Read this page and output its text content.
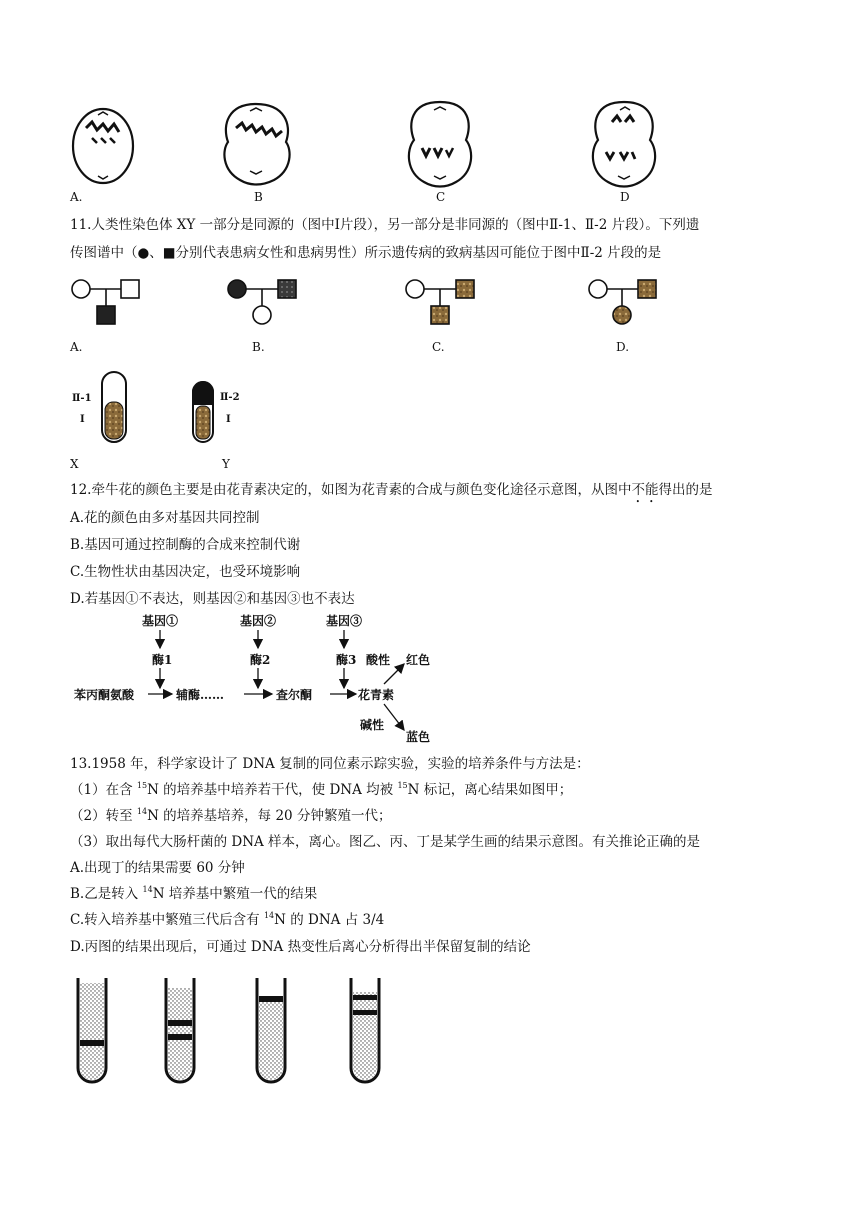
A.	B	C	D
11.人类性染色体 XY 一部分是同源的（图中Ⅰ片段），另一部分是非同源的（图中Ⅱ-1、Ⅱ-2 片段）。下列遗
传图谱中（●、■分别代表患病女性和患病男性）所示遗传病的致病基因可能位于图中Ⅱ-2 片段的是
A.	B.	C.	D.
Ⅱ-1
Ⅰ
Ⅱ-2
Ⅰ
X	Y
12.牵牛花的颜色主要是由花青素决定的，如图为花青素的合成与颜色变化途径示意图，从图中不能得出的是
A.花的颜色由多对基因共同控制
B.基因可通过控制酶的合成来控制代谢
C.生物性状由基因决定，也受环境影响
D.若基因①不表达，则基因②和基因③也不表达
基因①	基因②	基因③
酶1	酶2	酶3 酸性 红色
苯丙酮氨酸	辅酶……	查尔酮	花青素
碱性
蓝色
13.1958 年，科学家设计了 DNA 复制的同位素示踪实验，实验的培养条件与方法是：
（1）在含 $^{15}$N 的培养基中培养若干代，使 DNA 均被 $^{15}$N 标记，离心结果如图甲；
（2）转至 $^{14}$N 的培养基培养，每 20 分钟繁殖一代；
（3）取出每代大肠杆菌的 DNA 样本，离心。图乙、丙、丁是某学生画的结果示意图。有关推论正确的是
A.出现丁的结果需要 60 分钟
B.乙是转入 $^{14}$N 培养基中繁殖一代的结果
C.转入培养基中繁殖三代后含有 $^{14}$N 的 DNA 占 3/4
D.丙图的结果出现后，可通过 DNA 热变性后离心分析得出半保留复制的结论
